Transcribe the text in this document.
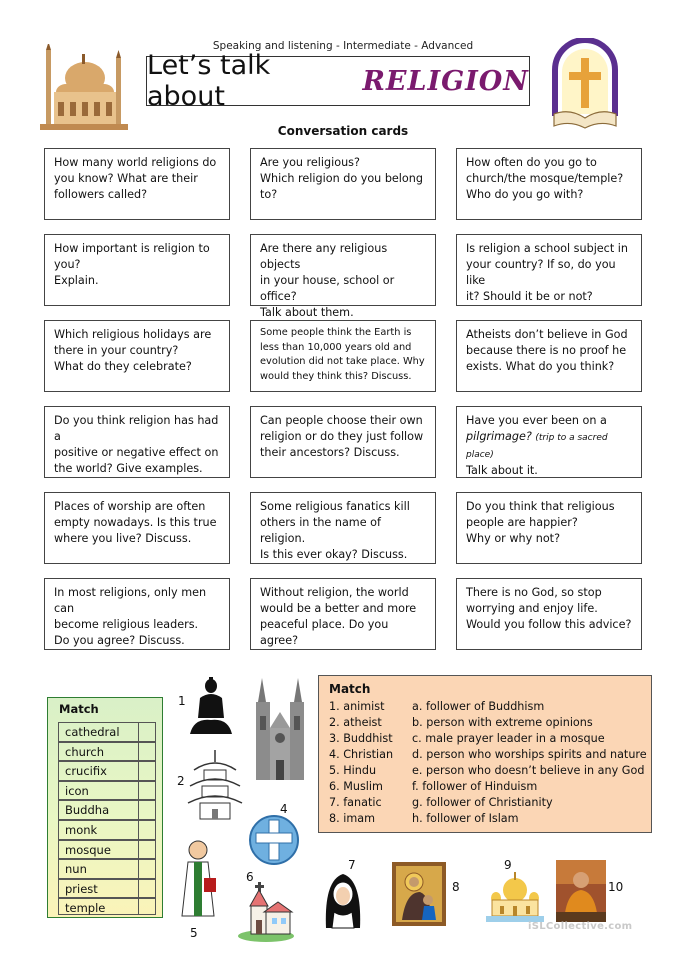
Speaking and listening - Intermediate - Advanced
Let’s talk about	RELIGION
Conversation cards
How many world religions do
you know? What are their
followers called?
Are you religious?
Which religion do you belong
to?
How often do you go to
church/the mosque/temple?
Who do you go with?
How important is religion to
you?
Explain.
Are there any religious objects
in your house, school or office?
Talk about them.
Is religion a school subject in
your country? If so, do you like
it? Should it be or not?
Which religious holidays are
there in your country?
What do they celebrate?
Some people think the Earth is
less than 10,000 years old and
evolution did not take place. Why
would they think this? Discuss.
Atheists don’t believe in God
because there is no proof he
exists. What do you think?
Do you think religion has had a
positive or negative effect on
the world? Give examples.
Can people choose their own
religion or do they just follow
their ancestors? Discuss.
Have you ever been on a
pilgrimage? (trip to a sacred place)
Talk about it.
Places of worship are often
empty nowadays. Is this true
where you live? Discuss.
Some religious fanatics kill
others in the name of religion.
Is this ever okay? Discuss.
Do you think that religious
people are happier?
Why or why not?
In most religions, only men can
become religious leaders.
Do you agree? Discuss.
Without religion, the world
would be a better and more
peaceful place. Do you agree?
There is no God, so stop
worrying and enjoy life.
Would you follow this advice?
Match
cathedral
church
crucifix
icon
Buddha
monk
mosque
nun
priest
temple
1
2
4
5
6
7
8
9
10
Match
1. animist a. follower of Buddhism
2. atheist	b. person with extreme opinions
3. Buddhist c. male prayer leader in a mosque
4. Christian d. person who worships spirits and nature
5. Hindu	e. person who doesn’t believe in any God
6. Muslim	f. follower of Hinduism
7. fanatic	g. follower of Christianity
8. imam	h. follower of Islam
iSLCollective.com
